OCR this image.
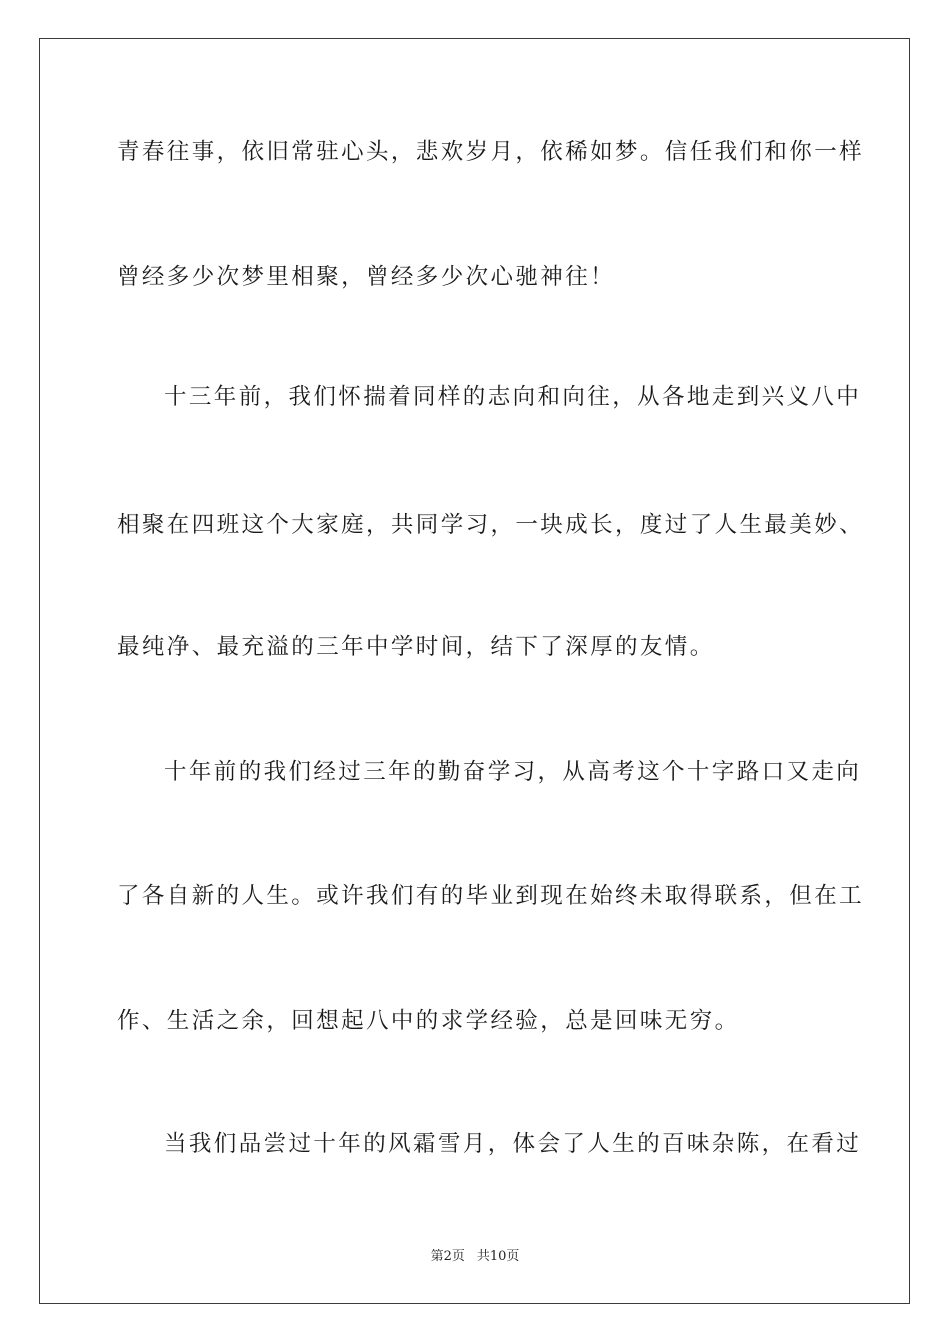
青春往事，依旧常驻心头，悲欢岁月，依稀如梦。信任我们和你一样
曾经多少次梦里相聚，曾经多少次心驰神往！
十三年前，我们怀揣着同样的志向和向往，从各地走到兴义八中
相聚在四班这个大家庭，共同学习，一块成长，度过了人生最美妙、
最纯净、最充溢的三年中学时间，结下了深厚的友情。
十年前的我们经过三年的勤奋学习，从高考这个十字路口又走向
了各自新的人生。或许我们有的毕业到现在始终未取得联系，但在工
作、生活之余，回想起八中的求学经验，总是回味无穷。
当我们品尝过十年的风霜雪月，体会了人生的百味杂陈，在看过
第2页 共10页
